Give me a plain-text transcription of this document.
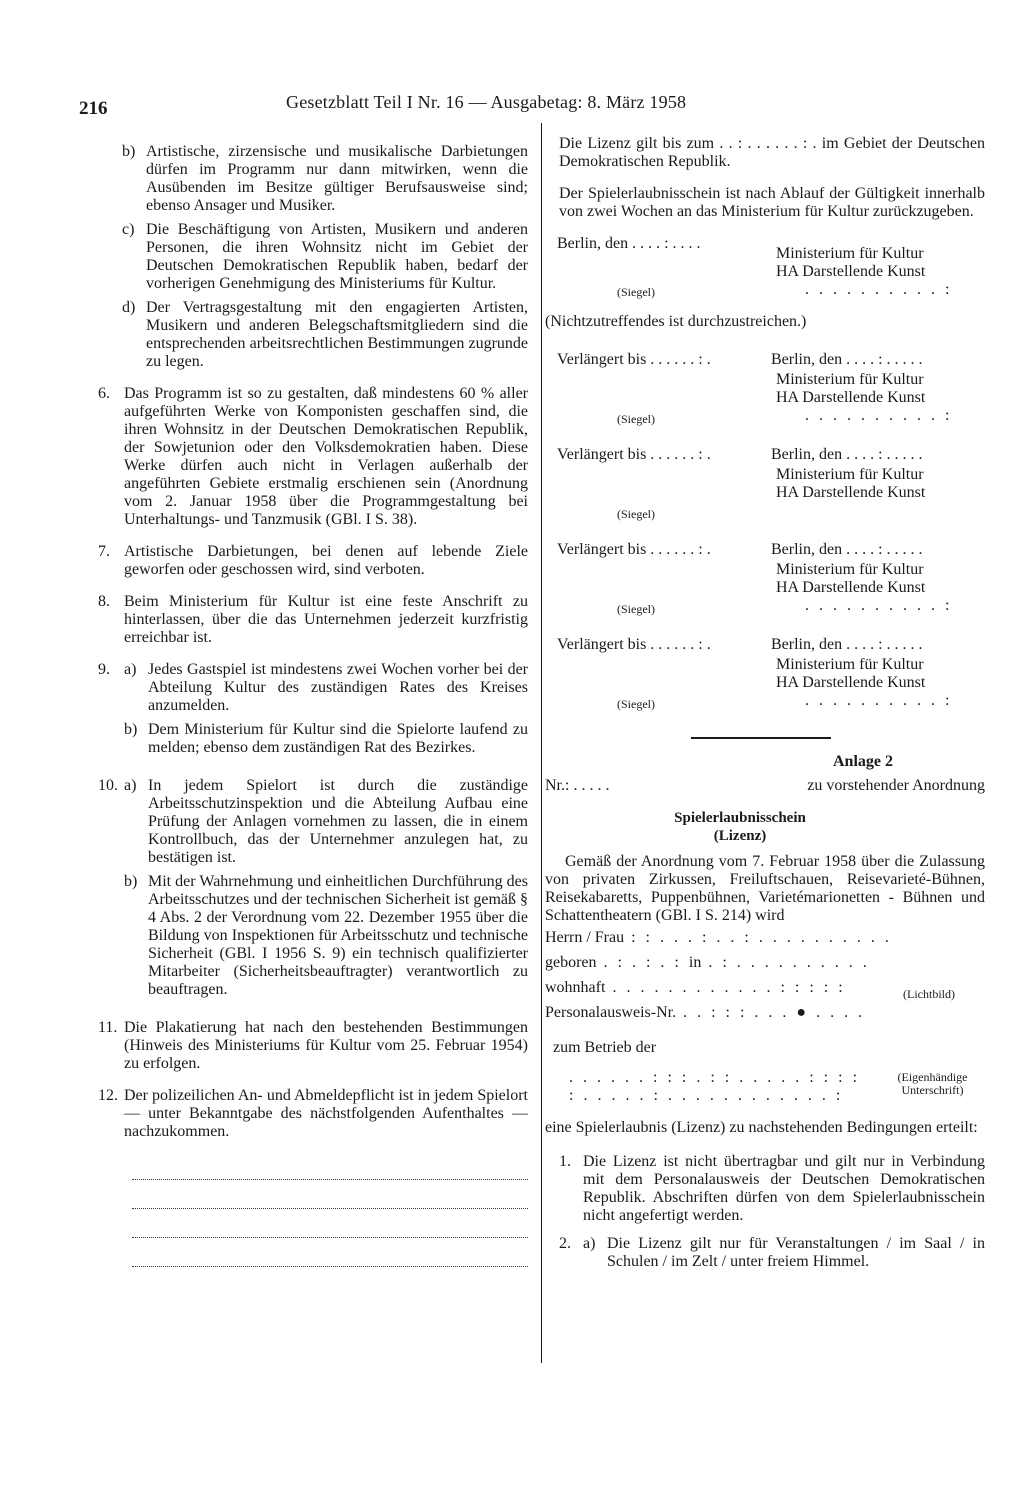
216	Gesetzblatt Teil I Nr. 16 — Ausgabetag: 8. März 1958
b) Artistische, zirzensische und musikalische Darbietungen dürfen im Programm nur dann mitwirken, wenn die Ausübenden im Besitze gültiger Berufsausweise sind; ebenso Ansager und Musiker.

c) Die Beschäftigung von Artisten, Musikern und anderen Personen, die ihren Wohnsitz nicht im Gebiet der Deutschen Demokratischen Republik haben, bedarf der vorherigen Genehmigung des Ministeriums für Kultur.

d) Der Vertragsgestaltung mit den engagierten Artisten, Musikern und anderen Belegschaftsmitgliedern sind die entsprechenden arbeitsrechtlichen Bestimmungen zugrunde zu legen.

6. Das Programm ist so zu gestalten, daß mindestens 60 % aller aufgeführten Werke von Komponisten geschaffen sind, die ihren Wohnsitz in der Deutschen Demokratischen Republik, der Sowjetunion oder den Volksdemokratien haben. Diese Werke dürfen auch nicht in Verlagen außerhalb der angeführten Gebiete erstmalig erschienen sein (Anordnung vom 2. Januar 1958 über die Programmgestaltung bei Unterhaltungs- und Tanzmusik (GBl. I S. 38).

7. Artistische Darbietungen, bei denen auf lebende Ziele geworfen oder geschossen wird, sind verboten.

8. Beim Ministerium für Kultur ist eine feste Anschrift zu hinterlassen, über die das Unternehmen jederzeit kurzfristig erreichbar ist.

9. a) Jedes Gastspiel ist mindestens zwei Wochen vorher bei der Abteilung Kultur des zuständigen Rates des Kreises anzumelden.

b) Dem Ministerium für Kultur sind die Spielorte laufend zu melden; ebenso dem zuständigen Rat des Bezirkes.

10. a) In jedem Spielort ist durch die zuständige Arbeitsschutzinspektion und die Abteilung Aufbau eine Prüfung der Anlagen vornehmen zu lassen, die in einem Kontrollbuch, das der Unternehmer anzulegen hat, zu bestätigen ist.

b) Mit der Wahrnehmung und einheitlichen Durchführung des Arbeitsschutzes und der technischen Sicherheit ist gemäß § 4 Abs. 2 der Verordnung vom 22. Dezember 1955 über die Bildung von Inspektionen für Arbeitsschutz und technische Sicherheit (GBl. I 1956 S. 9) ein technisch qualifizierter Mitarbeiter (Sicherheitsbeauftragter) verantwortlich zu beauftragen.

11. Die Plakatierung hat nach den bestehenden Bestimmungen (Hinweis des Ministeriums für Kultur vom 25. Februar 1954) zu erfolgen.

12. Der polizeilichen An- und Abmeldepflicht ist in jedem Spielort — unter Bekanntgabe des nächstfolgenden Aufenthaltes — nachzukommen.

Die Lizenz gilt bis zum . . : . . . . . . : . im Gebiet der Deutschen Demokratischen Republik.

Der Spielerlaubnisschein ist nach Ablauf der Gültigkeit innerhalb von zwei Wochen an das Ministerium für Kultur zurückzugeben.

Berlin, den . . . . : . . . .
Ministerium für Kultur
HA Darstellende Kunst
(Siegel)	. . . . . . . . . . :

(Nichtzutreffendes ist durchzustreichen.)

Verlängert bis . . . . . . : .	Berlin, den . . . . : . . . . .
Ministerium für Kultur
HA Darstellende Kunst
(Siegel)	. . . . . . . . . . :
Verlängert bis . . . . . . : .	Berlin, den . . . . : . . . . .
Ministerium für Kultur
HA Darstellende Kunst
(Siegel)
Verlängert bis . . . . . . : .	Berlin, den . . . . : . . . . .
Ministerium für Kultur
HA Darstellende Kunst
(Siegel)	. . . . . . . . . . :
Verlängert bis . . . . . . : .	Berlin, den . . . . : . . . . .
Ministerium für Kultur
HA Darstellende Kunst
(Siegel)	. . . . . . . . . . :
Anlage 2
Nr.: . . . . .	zu vorstehender Anordnung
Spielerlaubnisschein
(Lizenz)

Gemäß der Anordnung vom 7. Februar 1958 über die Zulassung von privaten Zirkussen, Freiluftschauen, Reisevarieté-Bühnen, Reisekabaretts, Puppenbühnen, Varietémarionetten - Bühnen und Schattentheatern (GBl. I S. 214) wird

Herrn / Frau : : . . . : . . : . . . . . . . . . .
geboren . : . : . : in . : . . . . . . . . . .
wohnhaft . . . . . . . . . . . . : : : : :
Personalausweis-Nr. . . : : : . . . ● . . . .
(Lichtbild)

zum Betrieb der

. . . . . . : : : . : : . . . . . : : : :
: . . . . . : . . . . . . . . . . . . :
(Eigenhändige Unterschrift)

eine Spielerlaubnis (Lizenz) zu nachstehenden Bedingungen erteilt:

1. Die Lizenz ist nicht übertragbar und gilt nur in Verbindung mit dem Personalausweis der Deutschen Demokratischen Republik. Abschriften dürfen von dem Spielerlaubnisschein nicht angefertigt werden.

2. a) Die Lizenz gilt nur für Veranstaltungen / im Saal / in Schulen / im Zelt / unter freiem Himmel.
